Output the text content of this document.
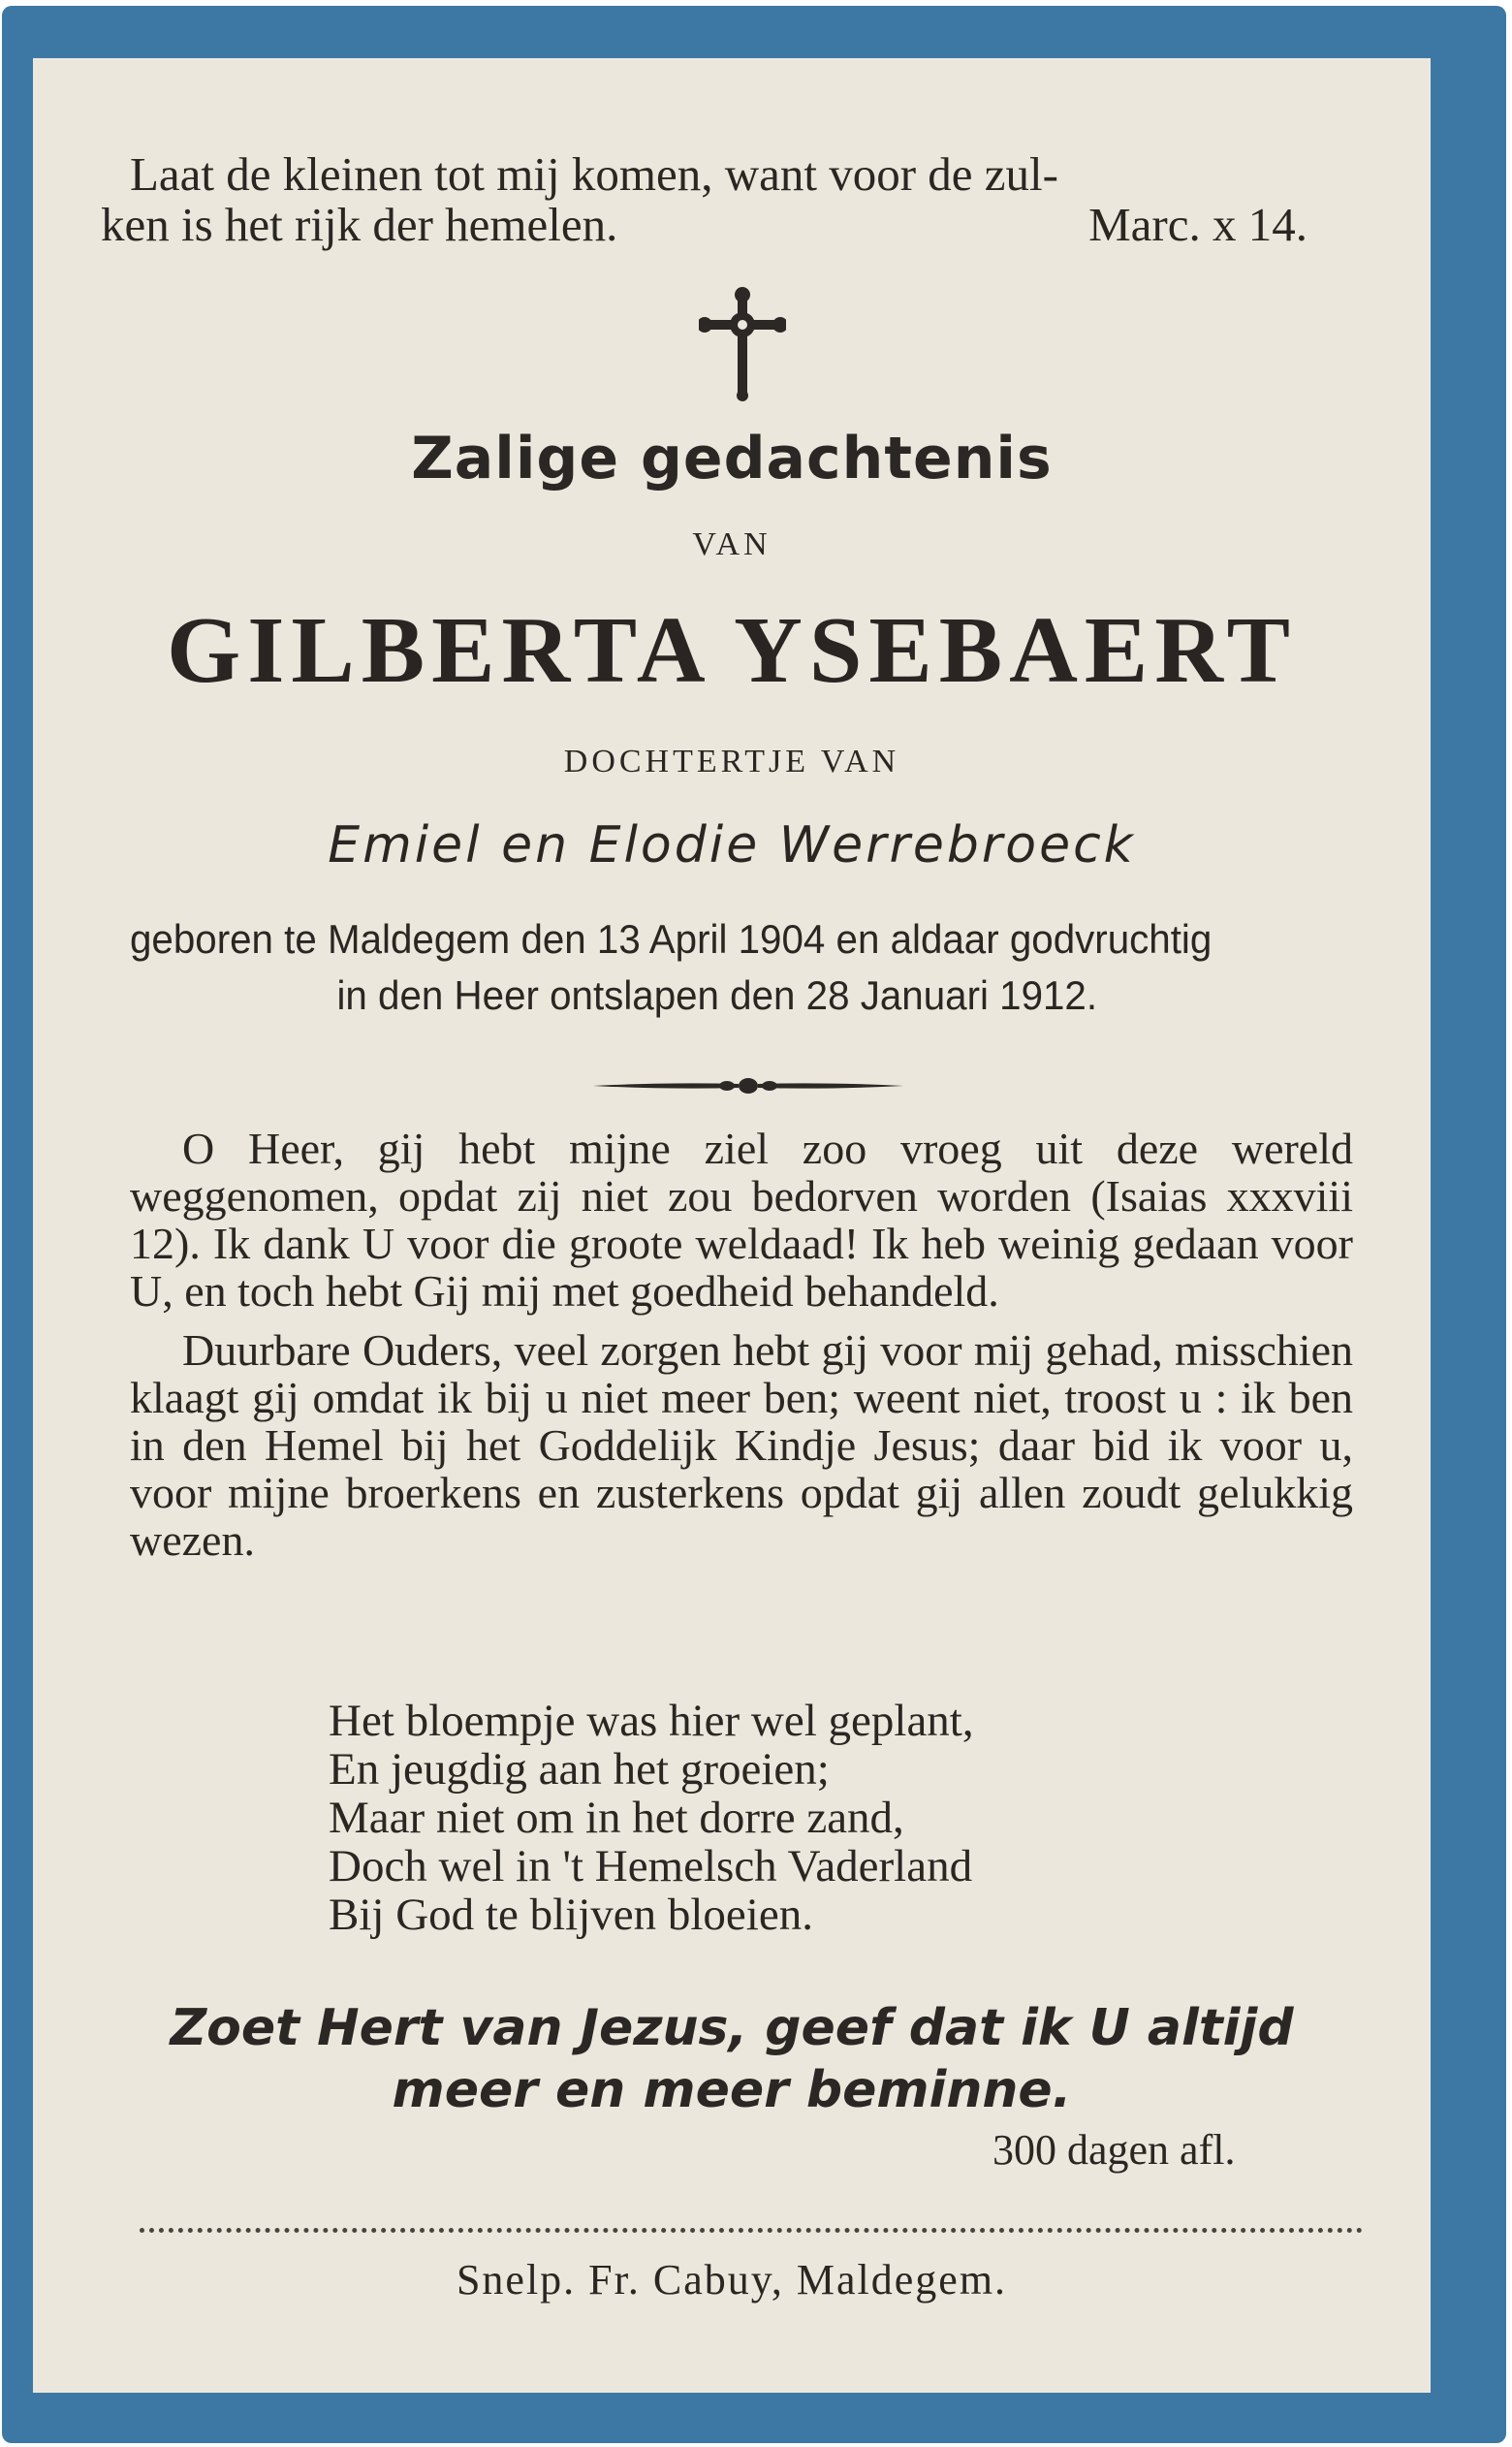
Laat de kleinen tot mij komen, want voor de zul-
ken is het rijk der hemelen.	Marc. x 14.
Zalige gedachtenis
VAN
GILBERTA YSEBAERT
DOCHTERTJE VAN
Emiel en Elodie Werrebroeck
geboren te Maldegem den 13 April 1904 en aldaar godvruchtig
in den Heer ontslapen den 28 Januari 1912.

O Heer, gij hebt mijne ziel zoo vroeg uit deze wereld weggenomen, opdat zij niet zou bedorven worden (Isaias xxxviii 12). Ik dank U voor die groote weldaad! Ik heb weinig gedaan voor U, en toch hebt Gij mij met goedheid behandeld.

Duurbare Ouders, veel zorgen hebt gij voor mij gehad, misschien klaagt gij omdat ik bij u niet meer ben; weent niet, troost u : ik ben in den Hemel bij het Goddelijk Kindje Jesus; daar bid ik voor u, voor mijne broerkens en zusterkens opdat gij allen zoudt gelukkig wezen.

Het bloempje was hier wel geplant,
En jeugdig aan het groeien;
Maar niet om in het dorre zand,
Doch wel in 't Hemelsch Vaderland
Bij God te blijven bloeien.
Zoet Hert van Jezus, geef dat ik U altijd
meer en meer beminne.
300 dagen afl.
Snelp. Fr. Cabuy, Maldegem.
